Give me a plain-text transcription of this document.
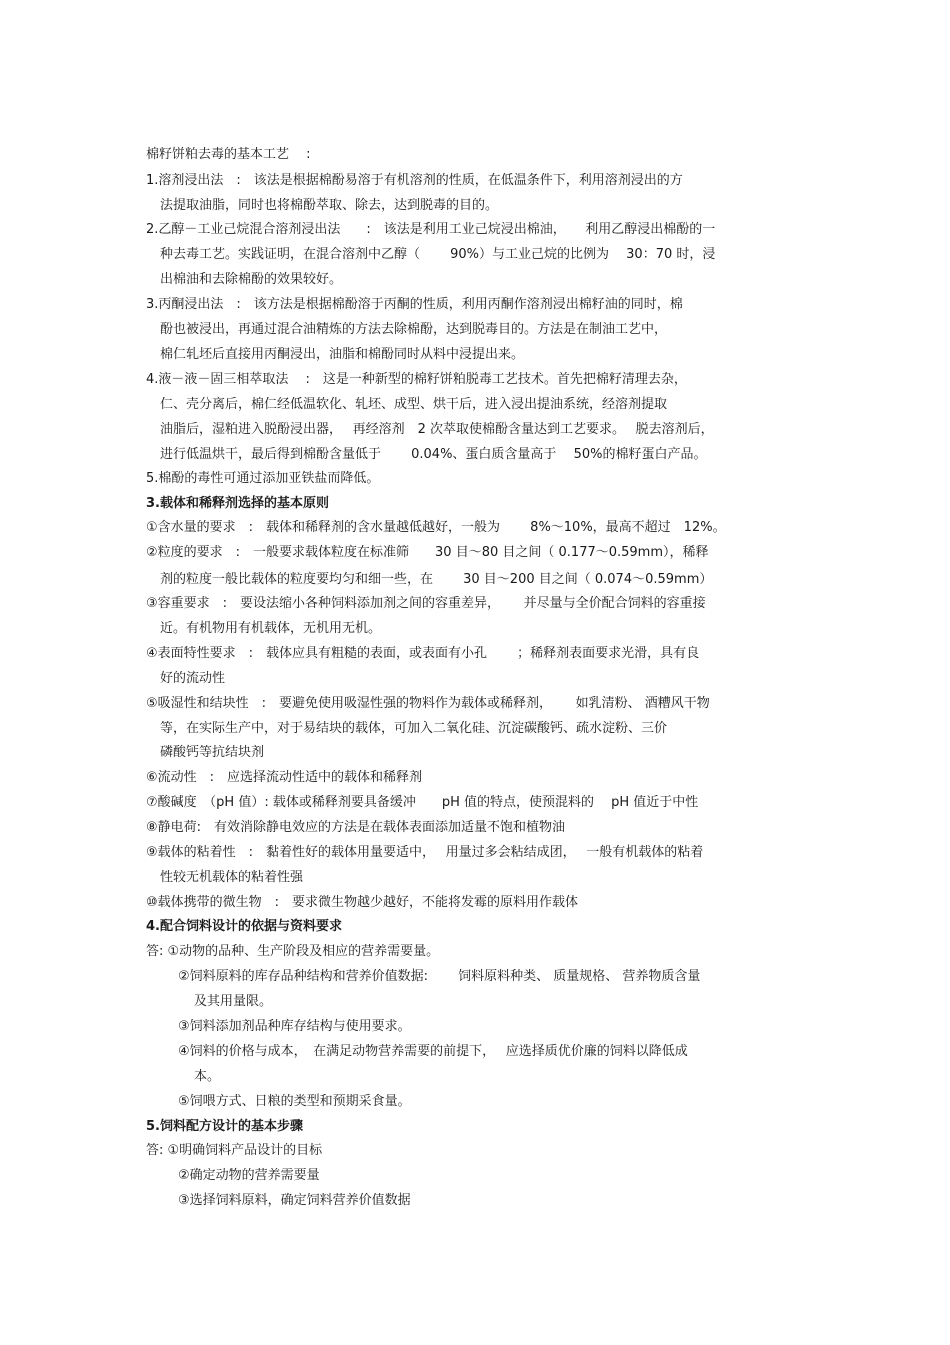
棉籽饼粕去毒的基本工艺　 :
1.溶剂浸出法　:　该法是根据棉酚易溶于有机溶剂的性质，在低温条件下，利用溶剂浸出的方
法提取油脂，同时也将棉酚萃取、除去，达到脱毒的目的。
2.乙醇－工业己烷混合溶剂浸出法　　:　该法是利用工业己烷浸出棉油，　　利用乙醇浸出棉酚的一
种去毒工艺。实践证明，在混合溶剂中乙醇（　　 90%）与工业己烷的比例为　 30：70 时，浸
出棉油和去除棉酚的效果较好。
3.丙酮浸出法　:　该方法是根据棉酚溶于丙酮的性质，利用丙酮作溶剂浸出棉籽油的同时，棉
酚也被浸出，再通过混合油精炼的方法去除棉酚，达到脱毒目的。方法是在制油工艺中，
棉仁轧坯后直接用丙酮浸出，油脂和棉酚同时从料中浸提出来。
4.液－液－固三相萃取法　 :　这是一种新型的棉籽饼粕脱毒工艺技术。首先把棉籽清理去杂，
仁、壳分离后，棉仁经低温软化、轧坯、成型、烘干后，进入浸出提油系统，经溶剂提取
油脂后，湿粕进入脱酚浸出器，　 再经溶剂　2 次萃取使棉酚含量达到工艺要求。　 脱去溶剂后，
进行低温烘干，最后得到棉酚含量低于　　 0.04%、蛋白质含量高于　 50%的棉籽蛋白产品。
5.棉酚的毒性可通过添加亚铁盐而降低。
3.载体和稀释剂选择的基本原则
①含水量的要求　:　载体和稀释剂的含水量越低越好，一般为　　 8%～10%，最高不超过　12%。
②粒度的要求　:　一般要求载体粒度在标准筛　　30 目～80 目之间（ 0.177～0.59mm），稀释
剂的粒度一般比载体的粒度要均匀和细一些，在　　 30 目～200 目之间（ 0.074～0.59mm）
③容重要求　:　要设法缩小各种饲料添加剂之间的容重差异，　　 并尽量与全价配合饲料的容重接
近。有机物用有机载体，无机用无机。
④表面特性要求　:　载体应具有粗糙的表面，或表面有小孔　　 ；稀释剂表面要求光滑，具有良
好的流动性
⑤吸湿性和结块性　:　要避免使用吸湿性强的物料作为载体或稀释剂，　　 如乳清粉、 酒糟风干物
等，在实际生产中，对于易结块的载体，可加入二氧化硅、沉淀碳酸钙、疏水淀粉、三价
磷酸钙等抗结块剂
⑥流动性　:　应选择流动性适中的载体和稀释剂
⑦酸碱度　（pH 值）: 载体或稀释剂要具备缓冲　　pH 值的特点，使预混料的　 pH 值近于中性
⑧静电荷:　有效消除静电效应的方法是在载体表面添加适量不饱和植物油
⑨载体的粘着性　:　黏着性好的载体用量要适中，　 用量过多会粘结成团，　 一般有机载体的粘着
性较无机载体的粘着性强
⑩载体携带的微生物　:　要求微生物越少越好，不能将发霉的原料用作载体
4.配合饲料设计的依据与资料要求
答: ①动物的品种、生产阶段及相应的营养需要量。
②饲料原料的库存品种结构和营养价值数据:　　 饲料原料种类、 质量规格、 营养物质含量
及其用量限。
③饲料添加剂品种库存结构与使用要求。
④饲料的价格与成本，　在满足动物营养需要的前提下，　 应选择质优价廉的饲料以降低成
本。
⑤饲喂方式、日粮的类型和预期采食量。
5.饲料配方设计的基本步骤
答: ①明确饲料产品设计的目标
②确定动物的营养需要量
③选择饲料原料，确定饲料营养价值数据
